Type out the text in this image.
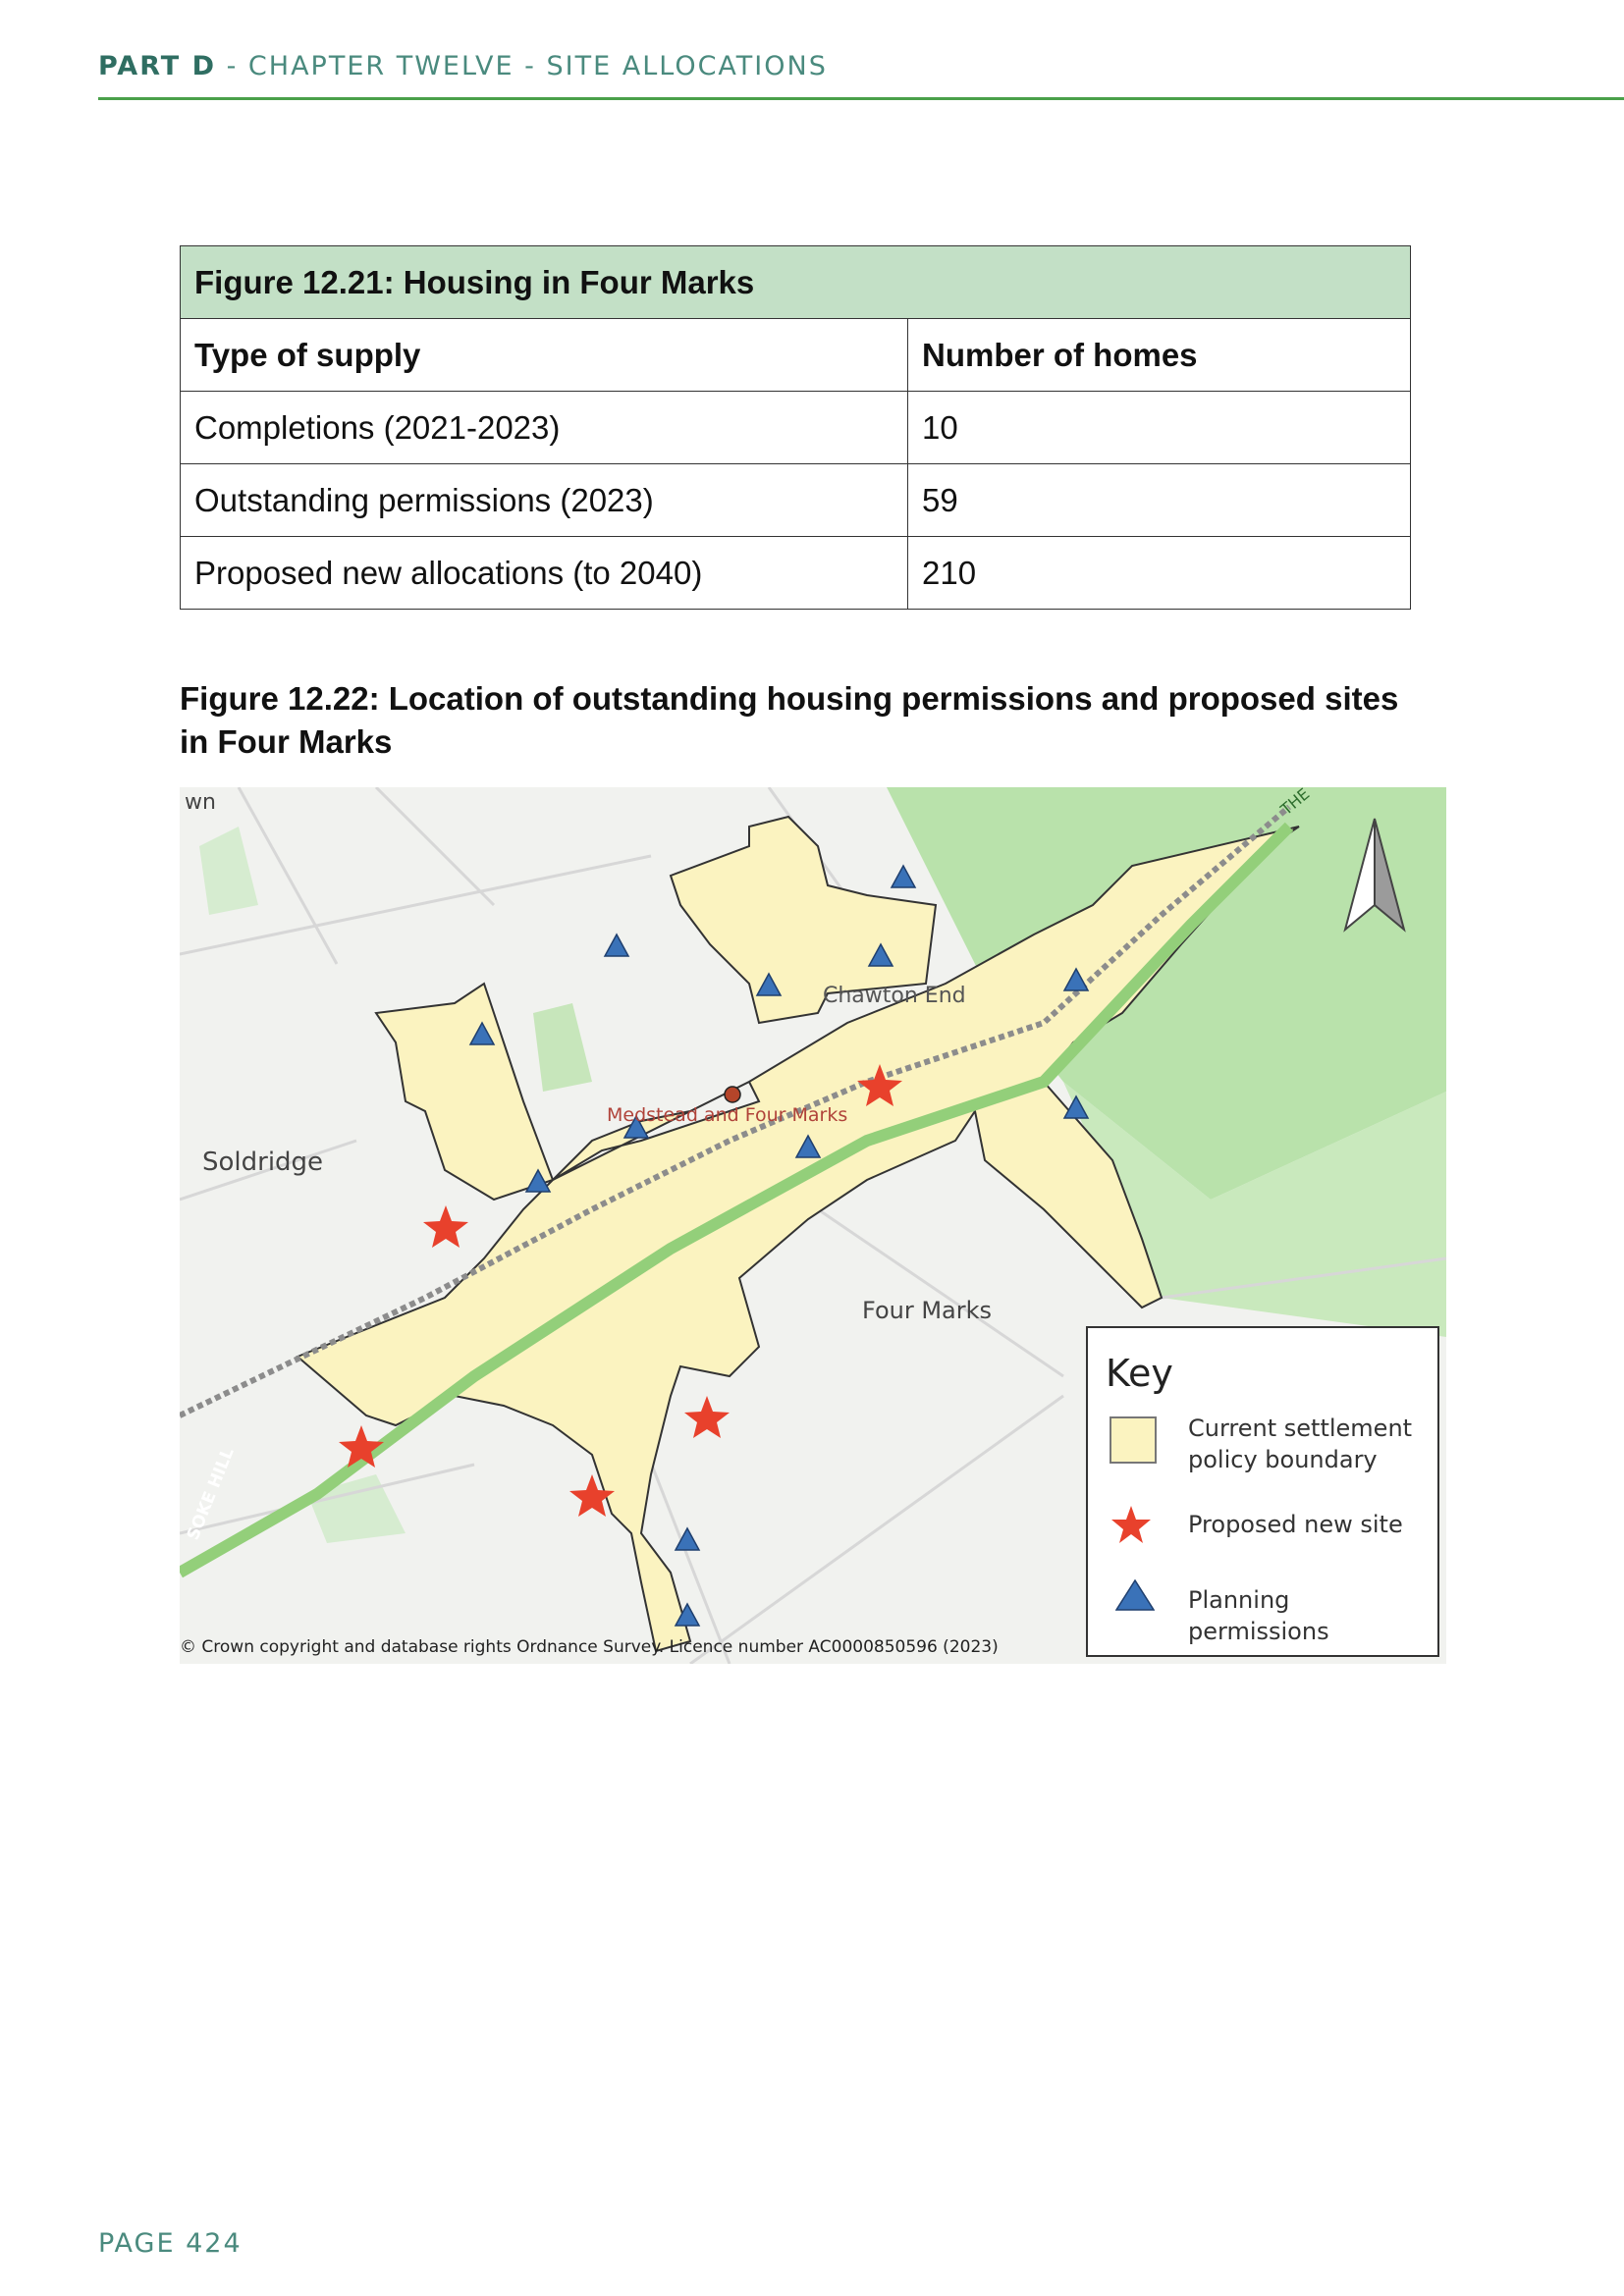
PART D - CHAPTER TWELVE - SITE ALLOCATIONS
Figure 12.21: Housing in Four Marks	
Type of supply	Number of homes
Completions (2021-2023)	10
Outstanding permissions (2023)	59
Proposed new allocations (to 2040)	210
Figure 12.22: Location of outstanding housing permissions and proposed sites in Four Marks
Soldridge
Four Marks
Chawton End
Medstead and Four Marks
wn	THE
SOKE HILL
Key
Current settlement policy boundary
Proposed new site
Planning permissions
© Crown copyright and database rights Ordnance Survey. Licence number AC0000850596 (2023)
PAGE 424
